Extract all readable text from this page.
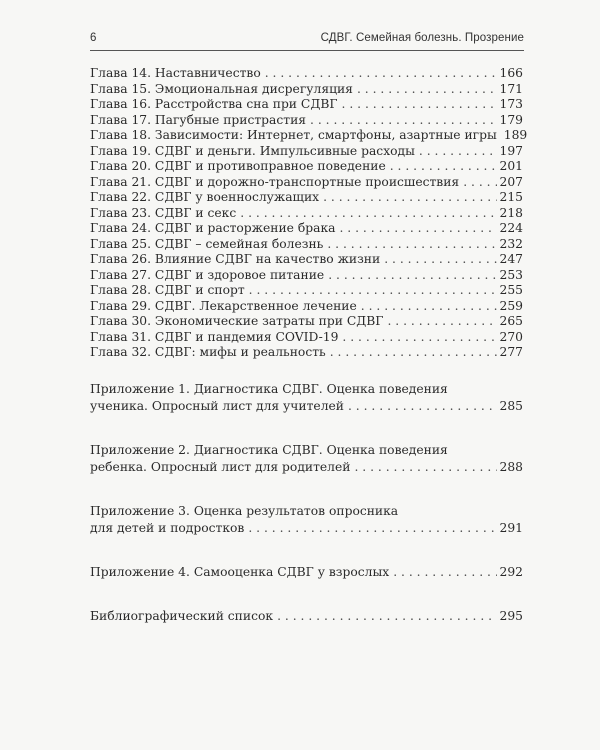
6	СДВГ. Семейная болезнь. Прозрение
Глава 14. Наставничество . . .	166
Глава 15. Эмоциональная дисрегуляция . . .	171
Глава 16. Расстройства сна при СДВГ . . .	173
Глава 17. Пагубные пристрастия . . .	179
Глава 18. Зависимости: Интернет, смартфоны, азартные игры 189
Глава 19. СДВГ и деньги. Импульсивные расходы . . .	197
Глава 20. СДВГ и противоправное поведение . . .	201
Глава 21. СДВГ и дорожно-транспортные происшествия . . .	207
Глава 22. СДВГ у военнослужащих . . .	215
Глава 23. СДВГ и секс . . .	218
Глава 24. СДВГ и расторжение брака . . .	224
Глава 25. СДВГ – семейная болезнь . . .	232
Глава 26. Влияние СДВГ на качество жизни . . .	247
Глава 27. СДВГ и здоровое питание . . .	253
Глава 28. СДВГ и спорт . . .	255
Глава 29. СДВГ. Лекарственное лечение . . .	259
Глава 30. Экономические затраты при СДВГ . . .	265
Глава 31. СДВГ и пандемия COVID-19 . . .	270
Глава 32. СДВГ: мифы и реальность . . .	277
Приложение 1. Диагностика СДВГ. Оценка поведения
ученика. Опросный лист для учителей . . .	285
Приложение 2. Диагностика СДВГ. Оценка поведения
ребенка. Опросный лист для родителей . . .	288
Приложение 3. Оценка результатов опросника
для детей и подростков . . .	291
Приложение 4. Самооценка СДВГ у взрослых . . .	292
Библиографический список . . .	295
